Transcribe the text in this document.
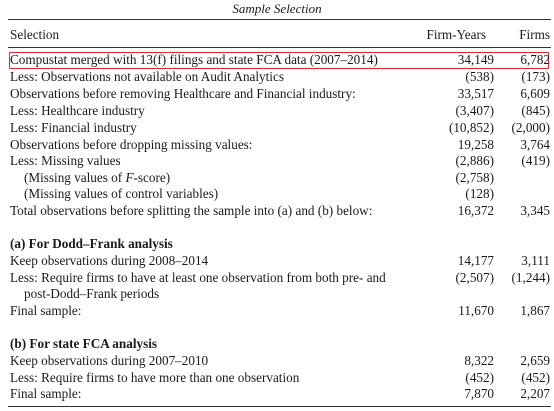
Sample Selection
Selection	Firm-Years	Firms
Compustat merged with 13(f) filings and state FCA data (2007–2014)	34,149 6,782
Less: Observations not available on Audit Analytics	(538) (173)
Observations before removing Healthcare and Financial industry:	33,517 6,609
Less: Healthcare industry	(3,407) (845)
Less: Financial industry	(10,852) (2,000)
Observations before dropping missing values:	19,258 3,764
Less: Missing values	(2,886) (419)
(Missing values of F-score)	(2,758)
(Missing values of control variables)	(128)
Total observations before splitting the sample into (a) and (b) below:	16,372 3,345
(a) For Dodd–Frank analysis
Keep observations during 2008–2014	14,177 3,111
Less: Require firms to have at least one observation from both pre- and	(2,507) (1,244)
post-Dodd–Frank periods
Final sample:	11,670 1,867
(b) For state FCA analysis
Keep observations during 2007–2010	8,322 2,659
Less: Require firms to have more than one observation	(452) (452)
Final sample:	7,870 2,207
